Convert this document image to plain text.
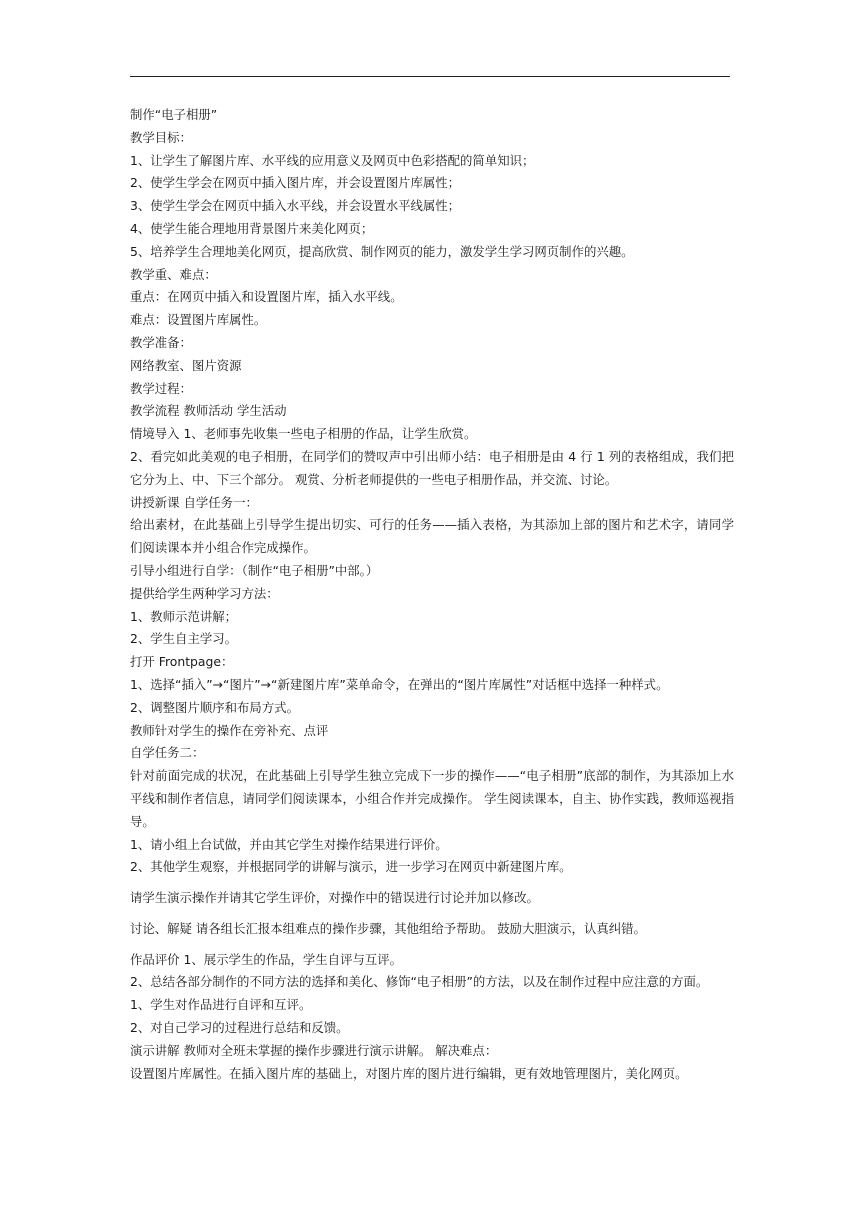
制作“电子相册”

教学目标：

1、让学生了解图片库、水平线的应用意义及网页中色彩搭配的简单知识；

2、使学生学会在网页中插入图片库，并会设置图片库属性；

3、使学生学会在网页中插入水平线，并会设置水平线属性；

4、使学生能合理地用背景图片来美化网页；

5、培养学生合理地美化网页，提高欣赏、制作网页的能力，激发学生学习网页制作的兴趣。

教学重、难点：

重点：在网页中插入和设置图片库，插入水平线。

难点：设置图片库属性。

教学准备：

网络教室、图片资源

教学过程：

教学流程 教师活动 学生活动

情境导入 1、老师事先收集一些电子相册的作品，让学生欣赏。

2、看完如此美观的电子相册，在同学们的赞叹声中引出师小结：电子相册是由 4 行 1 列的表格组成，我们把它分为上、中、下三个部分。 观赏、分析老师提供的一些电子相册作品，并交流、讨论。

讲授新课 自学任务一：

给出素材，在此基础上引导学生提出切实、可行的任务——插入表格，为其添加上部的图片和艺术字，请同学们阅读课本并小组合作完成操作。

引导小组进行自学：（制作“电子相册”中部。）

提供给学生两种学习方法：

1、教师示范讲解；

2、学生自主学习。

打开 Frontpage：

1、选择“插入”→“图片”→“新建图片库”菜单命令，在弹出的“图片库属性”对话框中选择一种样式。

2、调整图片顺序和布局方式。

教师针对学生的操作在旁补充、点评

自学任务二：

针对前面完成的状况，在此基础上引导学生独立完成下一步的操作——“电子相册”底部的制作，为其添加上水平线和制作者信息，请同学们阅读课本，小组合作并完成操作。 学生阅读课本，自主、协作实践，教师巡视指导。

1、请小组上台试做，并由其它学生对操作结果进行评价。

2、其他学生观察，并根据同学的讲解与演示，进一步学习在网页中新建图片库。

请学生演示操作并请其它学生评价，对操作中的错误进行讨论并加以修改。

讨论、解疑 请各组长汇报本组难点的操作步骤，其他组给予帮助。 鼓励大胆演示，认真纠错。

作品评价 1、展示学生的作品，学生自评与互评。

2、总结各部分制作的不同方法的选择和美化、修饰“电子相册”的方法，以及在制作过程中应注意的方面。

1、学生对作品进行自评和互评。

2、对自己学习的过程进行总结和反馈。

演示讲解 教师对全班未掌握的操作步骤进行演示讲解。 解决难点：

设置图片库属性。在插入图片库的基础上，对图片库的图片进行编辑，更有效地管理图片，美化网页。
